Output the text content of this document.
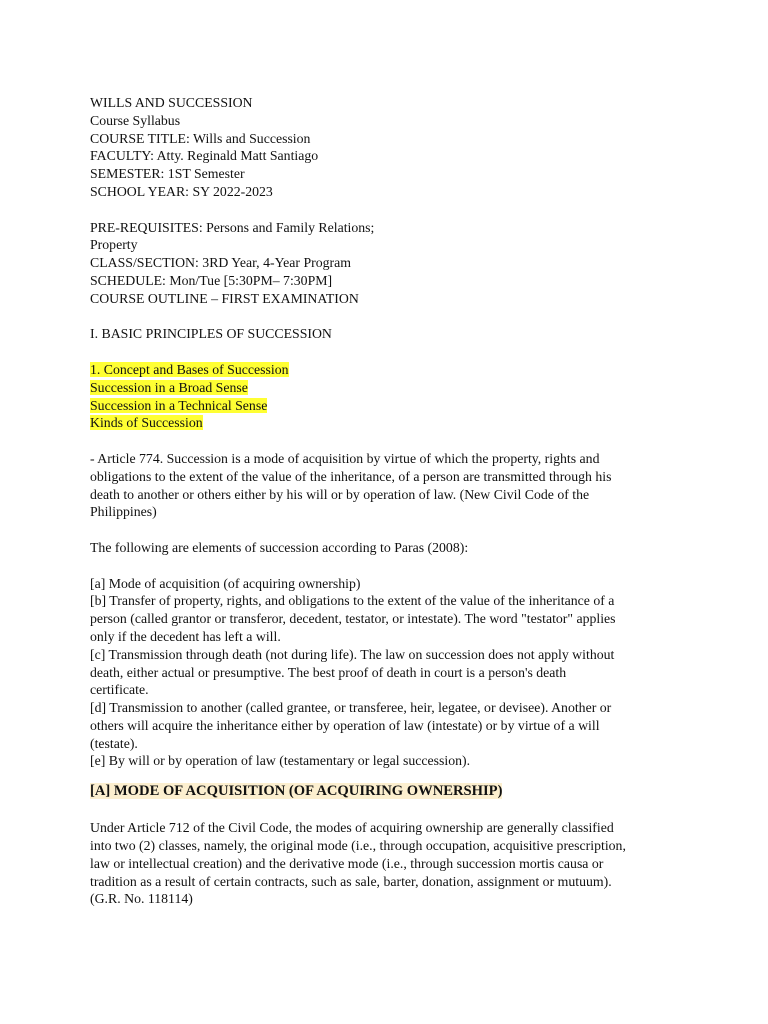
WILLS AND SUCCESSION
Course Syllabus
COURSE TITLE: Wills and Succession
FACULTY: Atty. Reginald Matt Santiago
SEMESTER: 1ST Semester
SCHOOL YEAR: SY 2022-2023
PRE-REQUISITES: Persons and Family Relations;
Property
CLASS/SECTION: 3RD Year, 4-Year Program
SCHEDULE: Mon/Tue [5:30PM– 7:30PM]
COURSE OUTLINE – FIRST EXAMINATION
I. BASIC PRINCIPLES OF SUCCESSION
1. Concept and Bases of Succession
Succession in a Broad Sense
Succession in a Technical Sense
Kinds of Succession
- Article 774. Succession is a mode of acquisition by virtue of which the property, rights and
obligations to the extent of the value of the inheritance, of a person are transmitted through his
death to another or others either by his will or by operation of law. (New Civil Code of the
Philippines)
The following are elements of succession according to Paras (2008):
[a] Mode of acquisition (of acquiring ownership)
[b] Transfer of property, rights, and obligations to the extent of the value of the inheritance of a
person (called grantor or transferor, decedent, testator, or intestate). The word "testator" applies
only if the decedent has left a will.
[c] Transmission through death (not during life). The law on succession does not apply without
death, either actual or presumptive. The best proof of death in court is a person's death
certificate.
[d] Transmission to another (called grantee, or transferee, heir, legatee, or devisee). Another or
others will acquire the inheritance either by operation of law (intestate) or by virtue of a will
(testate).
[e] By will or by operation of law (testamentary or legal succession).
[A] MODE OF ACQUISITION (OF ACQUIRING OWNERSHIP)
Under Article 712 of the Civil Code, the modes of acquiring ownership are generally classified
into two (2) classes, namely, the original mode (i.e., through occupation, acquisitive prescription,
law or intellectual creation) and the derivative mode (i.e., through succession mortis causa or
tradition as a result of certain contracts, such as sale, barter, donation, assignment or mutuum).
(G.R. No. 118114)
